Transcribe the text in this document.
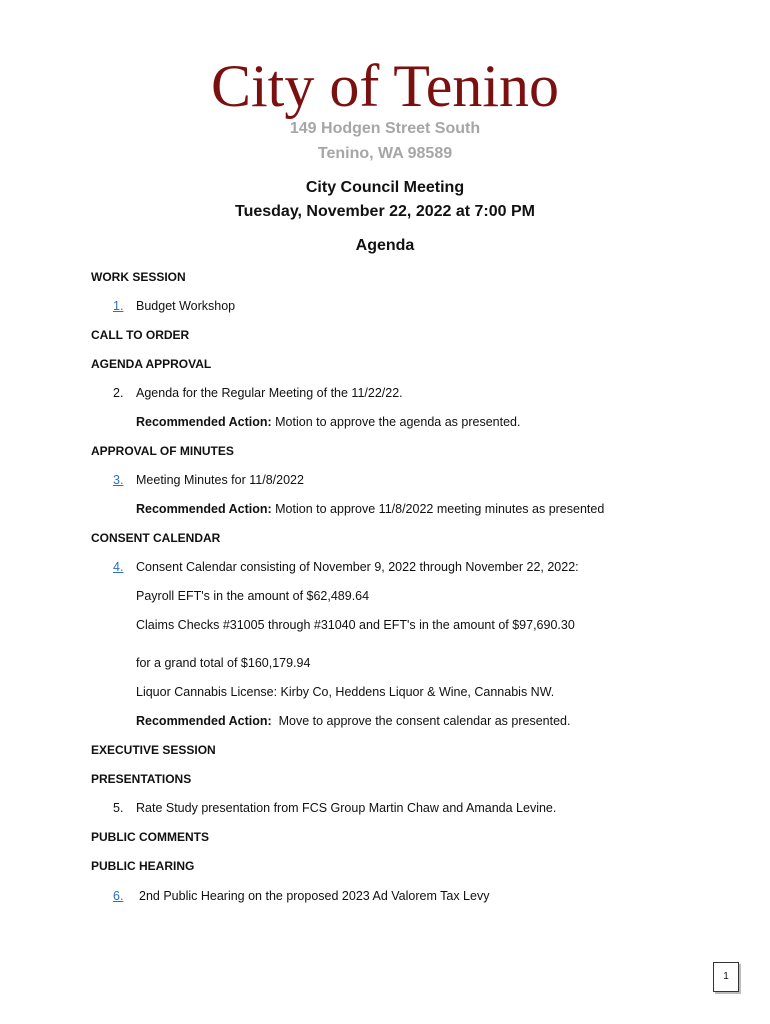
City of Tenino
149 Hodgen Street South
Tenino, WA 98589
City Council Meeting
Tuesday, November 22, 2022 at 7:00 PM
Agenda
WORK SESSION
1. Budget Workshop
CALL TO ORDER
AGENDA APPROVAL
2. Agenda for the Regular Meeting of the 11/22/22.
Recommended Action: Motion to approve the agenda as presented.
APPROVAL OF MINUTES
3. Meeting Minutes for 11/8/2022
Recommended Action: Motion to approve 11/8/2022 meeting minutes as presented
CONSENT CALENDAR
4. Consent Calendar consisting of November 9, 2022 through November 22, 2022:
Payroll EFT's in the amount of $62,489.64
Claims Checks #31005 through #31040 and EFT's in the amount of $97,690.30
for a grand total of $160,179.94
Liquor Cannabis License: Kirby Co, Heddens Liquor & Wine, Cannabis NW.
Recommended Action:  Move to approve the consent calendar as presented.
EXECUTIVE SESSION
PRESENTATIONS
5. Rate Study presentation from FCS Group Martin Chaw and Amanda Levine.
PUBLIC COMMENTS
PUBLIC HEARING
6. 2nd Public Hearing on the proposed 2023 Ad Valorem Tax Levy
1
